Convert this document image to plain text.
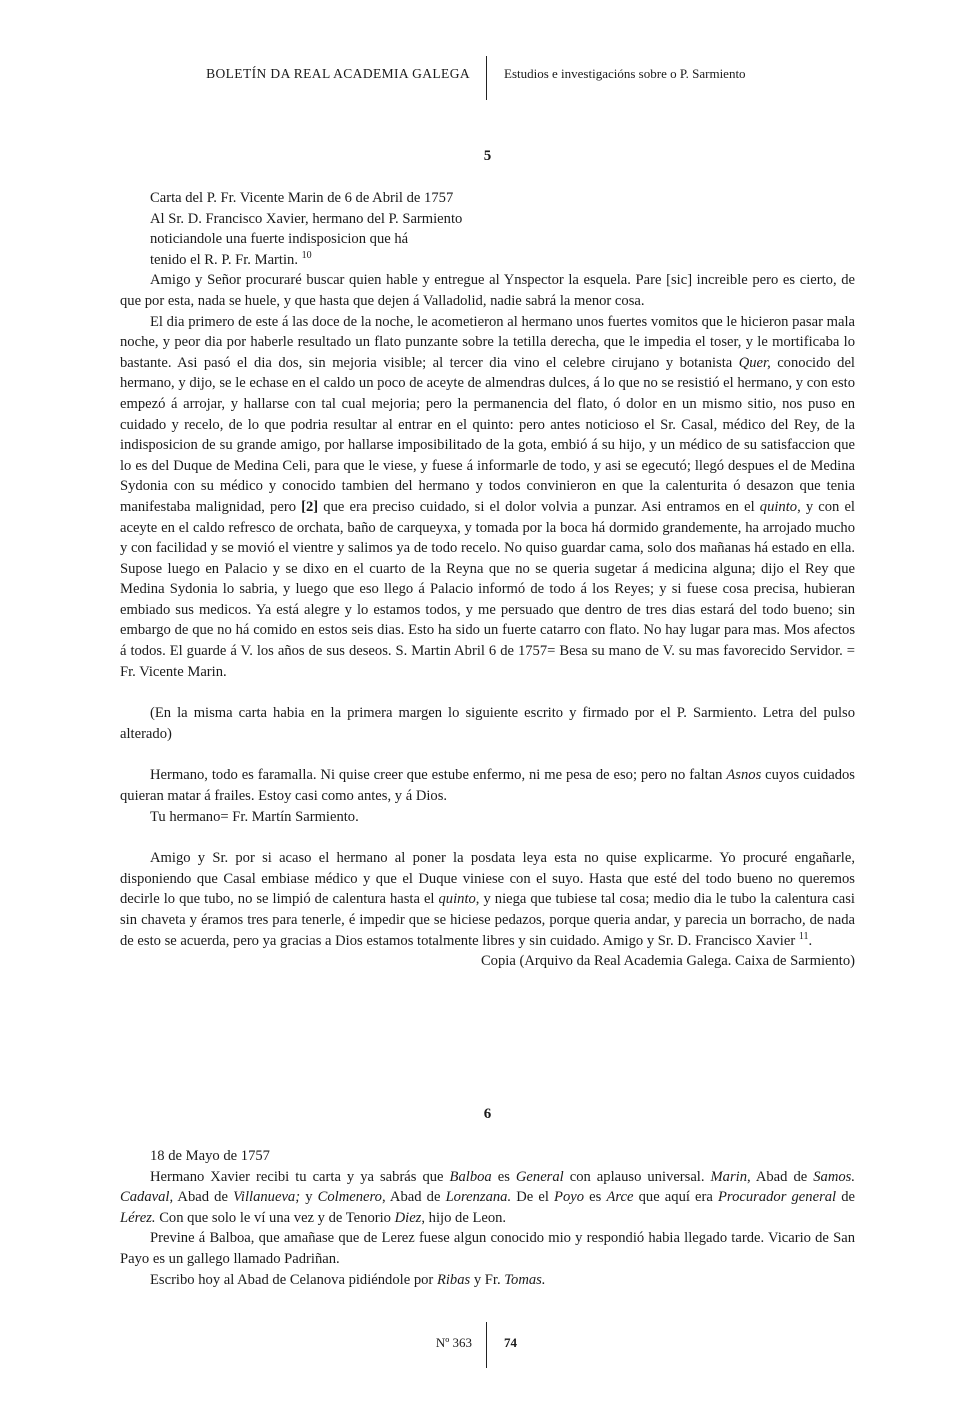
BOLETÍN DA REAL ACADEMIA GALEGA	Estudios e investigacións sobre o P. Sarmiento
5

Carta del P. Fr. Vicente Marin de 6 de Abril de 1757

Al Sr. D. Francisco Xavier, hermano del P. Sarmiento

noticiandole una fuerte indisposicion que há

tenido el R. P. Fr. Martin. $^{10}$

Amigo y Señor procuraré buscar quien hable y entregue al Ynspector la esquela. Pare [sic] increible pero es cierto, de que por esta, nada se huele, y que hasta que dejen á Valladolid, nadie sabrá la menor cosa.

El dia primero de este á las doce de la noche, le acometieron al hermano unos fuertes vomitos que le hicieron pasar mala noche, y peor dia por haberle resultado un flato punzante sobre la tetilla derecha, que le impedia el toser, y le mortificaba lo bastante. Asi pasó el dia dos, sin mejoria visible; al tercer dia vino el celebre cirujano y botanista Quer, conocido del hermano, y dijo, se le echase en el caldo un poco de aceyte de almendras dulces, á lo que no se resistió el hermano, y con esto empezó á arrojar, y hallarse con tal cual mejoria; pero la permanencia del flato, ó dolor en un mismo sitio, nos puso en cuidado y recelo, de lo que podria resultar al entrar en el quinto: pero antes noticioso el Sr. Casal, médico del Rey, de la indisposicion de su grande amigo, por hallarse imposibilitado de la gota, embió á su hijo, y un médico de su satisfaccion que lo es del Duque de Medina Celi, para que le viese, y fuese á informarle de todo, y asi se egecutó; llegó despues el de Medina Sydonia con su médico y conocido tambien del hermano y todos convinieron en que la calenturita ó desazon que tenia manifestaba malignidad, pero [2] que era preciso cuidado, si el dolor volvia a punzar. Asi entramos en el quinto, y con el aceyte en el caldo refresco de orchata, baño de carqueyxa, y tomada por la boca há dormido grandemente, ha arrojado mucho y con facilidad y se movió el vientre y salimos ya de todo recelo. No quiso guardar cama, solo dos mañanas há estado en ella. Supose luego en Palacio y se dixo en el cuarto de la Reyna que no se queria sugetar á medicina alguna; dijo el Rey que Medina Sydonia lo sabria, y luego que eso llego á Palacio informó de todo á los Reyes; y si fuese cosa precisa, hubieran embiado sus medicos. Ya está alegre y lo estamos todos, y me persuado que dentro de tres dias estará del todo bueno; sin embargo de que no há comido en estos seis dias. Esto ha sido un fuerte catarro con flato. No hay lugar para mas. Mos afectos á todos. El guarde á V. los años de sus deseos. S. Martin Abril 6 de 1757= Besa su mano de V. su mas favorecido Servidor. = Fr. Vicente Marin.

(En la misma carta habia en la primera margen lo siguiente escrito y firmado por el P. Sarmiento. Letra del pulso alterado)

Hermano, todo es faramalla. Ni quise creer que estube enfermo, ni me pesa de eso; pero no faltan Asnos cuyos cuidados quieran matar á frailes. Estoy casi como antes, y á Dios.

Tu hermano= Fr. Martín Sarmiento.

Amigo y Sr. por si acaso el hermano al poner la posdata leya esta no quise explicarme. Yo procuré engañarle, disponiendo que Casal embiase médico y que el Duque viniese con el suyo. Hasta que esté del todo bueno no queremos decirle lo que tubo, no se limpió de calentura hasta el quinto, y niega que tubiese tal cosa; medio dia le tubo la calentura casi sin chaveta y éramos tres para tenerle, é impedir que se hiciese pedazos, porque queria andar, y parecia un borracho, de nada de esto se acuerda, pero ya gracias a Dios estamos totalmente libres y sin cuidado. Amigo y Sr. D. Francisco Xavier $^{11}$.

Copia (Arquivo da Real Academia Galega. Caixa de Sarmiento)

6

18 de Mayo de 1757

Hermano Xavier recibi tu carta y ya sabrás que Balboa es General con aplauso universal. Marin, Abad de Samos. Cadaval, Abad de Villanueva; y Colmenero, Abad de Lorenzana. De el Poyo es Arce que aquí era Procurador general de Lérez. Con que solo le ví una vez y de Tenorio Diez, hijo de Leon.

Previne á Balboa, que amañase que de Lerez fuese algun conocido mio y respondió habia llegado tarde. Vicario de San Payo es un gallego llamado Padriñan.

Escribo hoy al Abad de Celanova pidiéndole por Ribas y Fr. Tomas.

Nº 363 74
